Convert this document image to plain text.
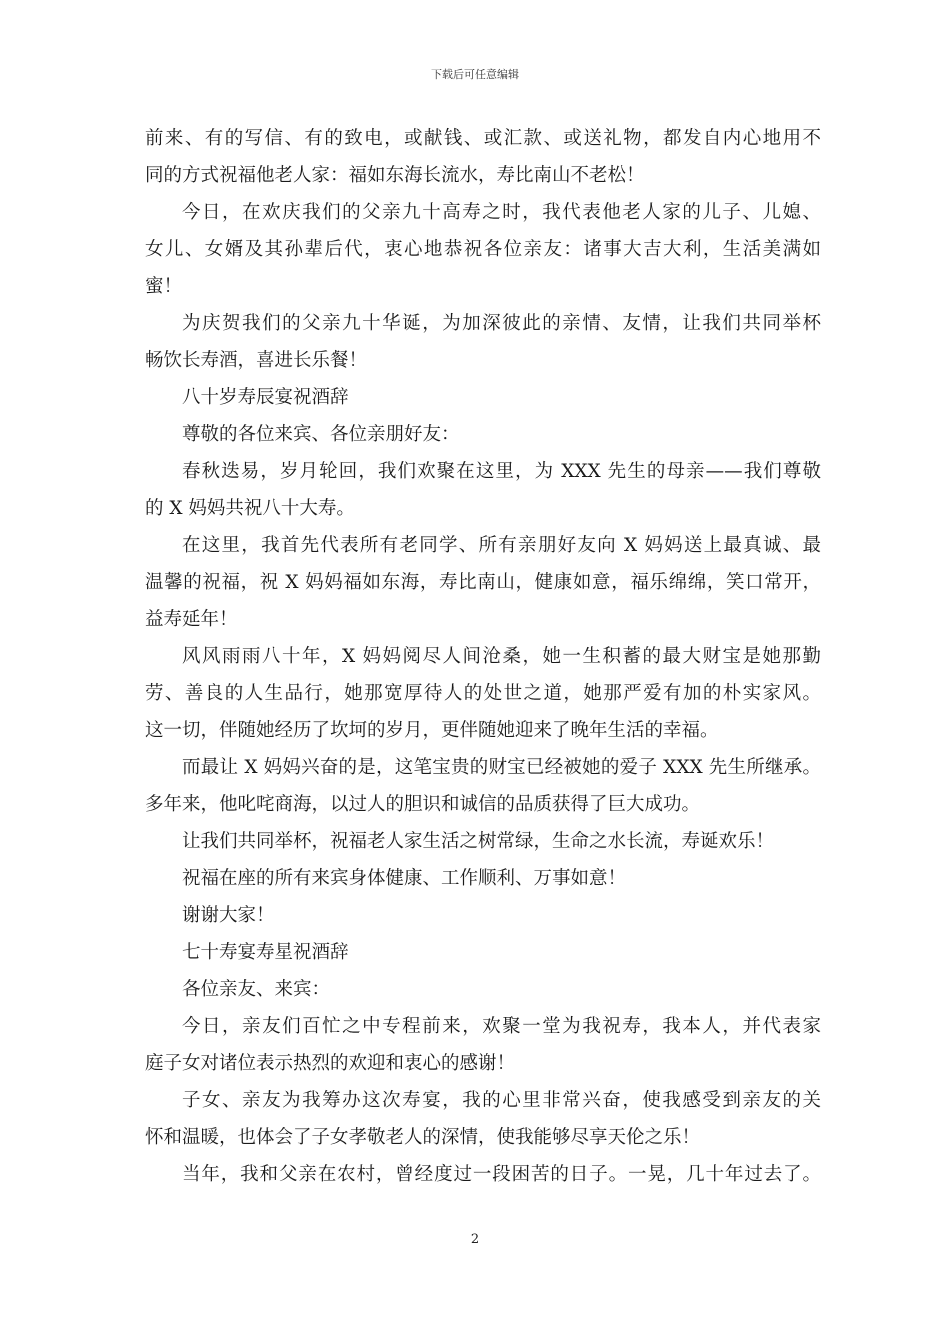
下载后可任意编辑
前来、有的写信、有的致电，或献钱、或汇款、或送礼物，都发自内心地用不
同的方式祝福他老人家：福如东海长流水，寿比南山不老松！
今日，在欢庆我们的父亲九十高寿之时，我代表他老人家的儿子、儿媳、
女儿、女婿及其孙辈后代，衷心地恭祝各位亲友：诸事大吉大利，生活美满如
蜜！
为庆贺我们的父亲九十华诞，为加深彼此的亲情、友情，让我们共同举杯
畅饮长寿酒，喜进长乐餐！
八十岁寿辰宴祝酒辞
尊敬的各位来宾、各位亲朋好友：
春秋迭易，岁月轮回，我们欢聚在这里，为 XXX 先生的母亲——我们尊敬
的 X 妈妈共祝八十大寿。
在这里，我首先代表所有老同学、所有亲朋好友向 X 妈妈送上最真诚、最
温馨的祝福，祝 X 妈妈福如东海，寿比南山，健康如意，福乐绵绵，笑口常开，
益寿延年！
风风雨雨八十年，X 妈妈阅尽人间沧桑，她一生积蓄的最大财宝是她那勤
劳、善良的人生品行，她那宽厚待人的处世之道，她那严爱有加的朴实家风。
这一切，伴随她经历了坎坷的岁月，更伴随她迎来了晚年生活的幸福。
而最让 X 妈妈兴奋的是，这笔宝贵的财宝已经被她的爱子 XXX 先生所继承。
多年来，他叱咤商海，以过人的胆识和诚信的品质获得了巨大成功。
让我们共同举杯，祝福老人家生活之树常绿，生命之水长流，寿诞欢乐！
祝福在座的所有来宾身体健康、工作顺利、万事如意！
谢谢大家！
七十寿宴寿星祝酒辞
各位亲友、来宾：
今日，亲友们百忙之中专程前来，欢聚一堂为我祝寿，我本人，并代表家
庭子女对诸位表示热烈的欢迎和衷心的感谢！
子女、亲友为我筹办这次寿宴，我的心里非常兴奋，使我感受到亲友的关
怀和温暖，也体会了子女孝敬老人的深情，使我能够尽享天伦之乐！
当年，我和父亲在农村，曾经度过一段困苦的日子。一晃，几十年过去了。
2
